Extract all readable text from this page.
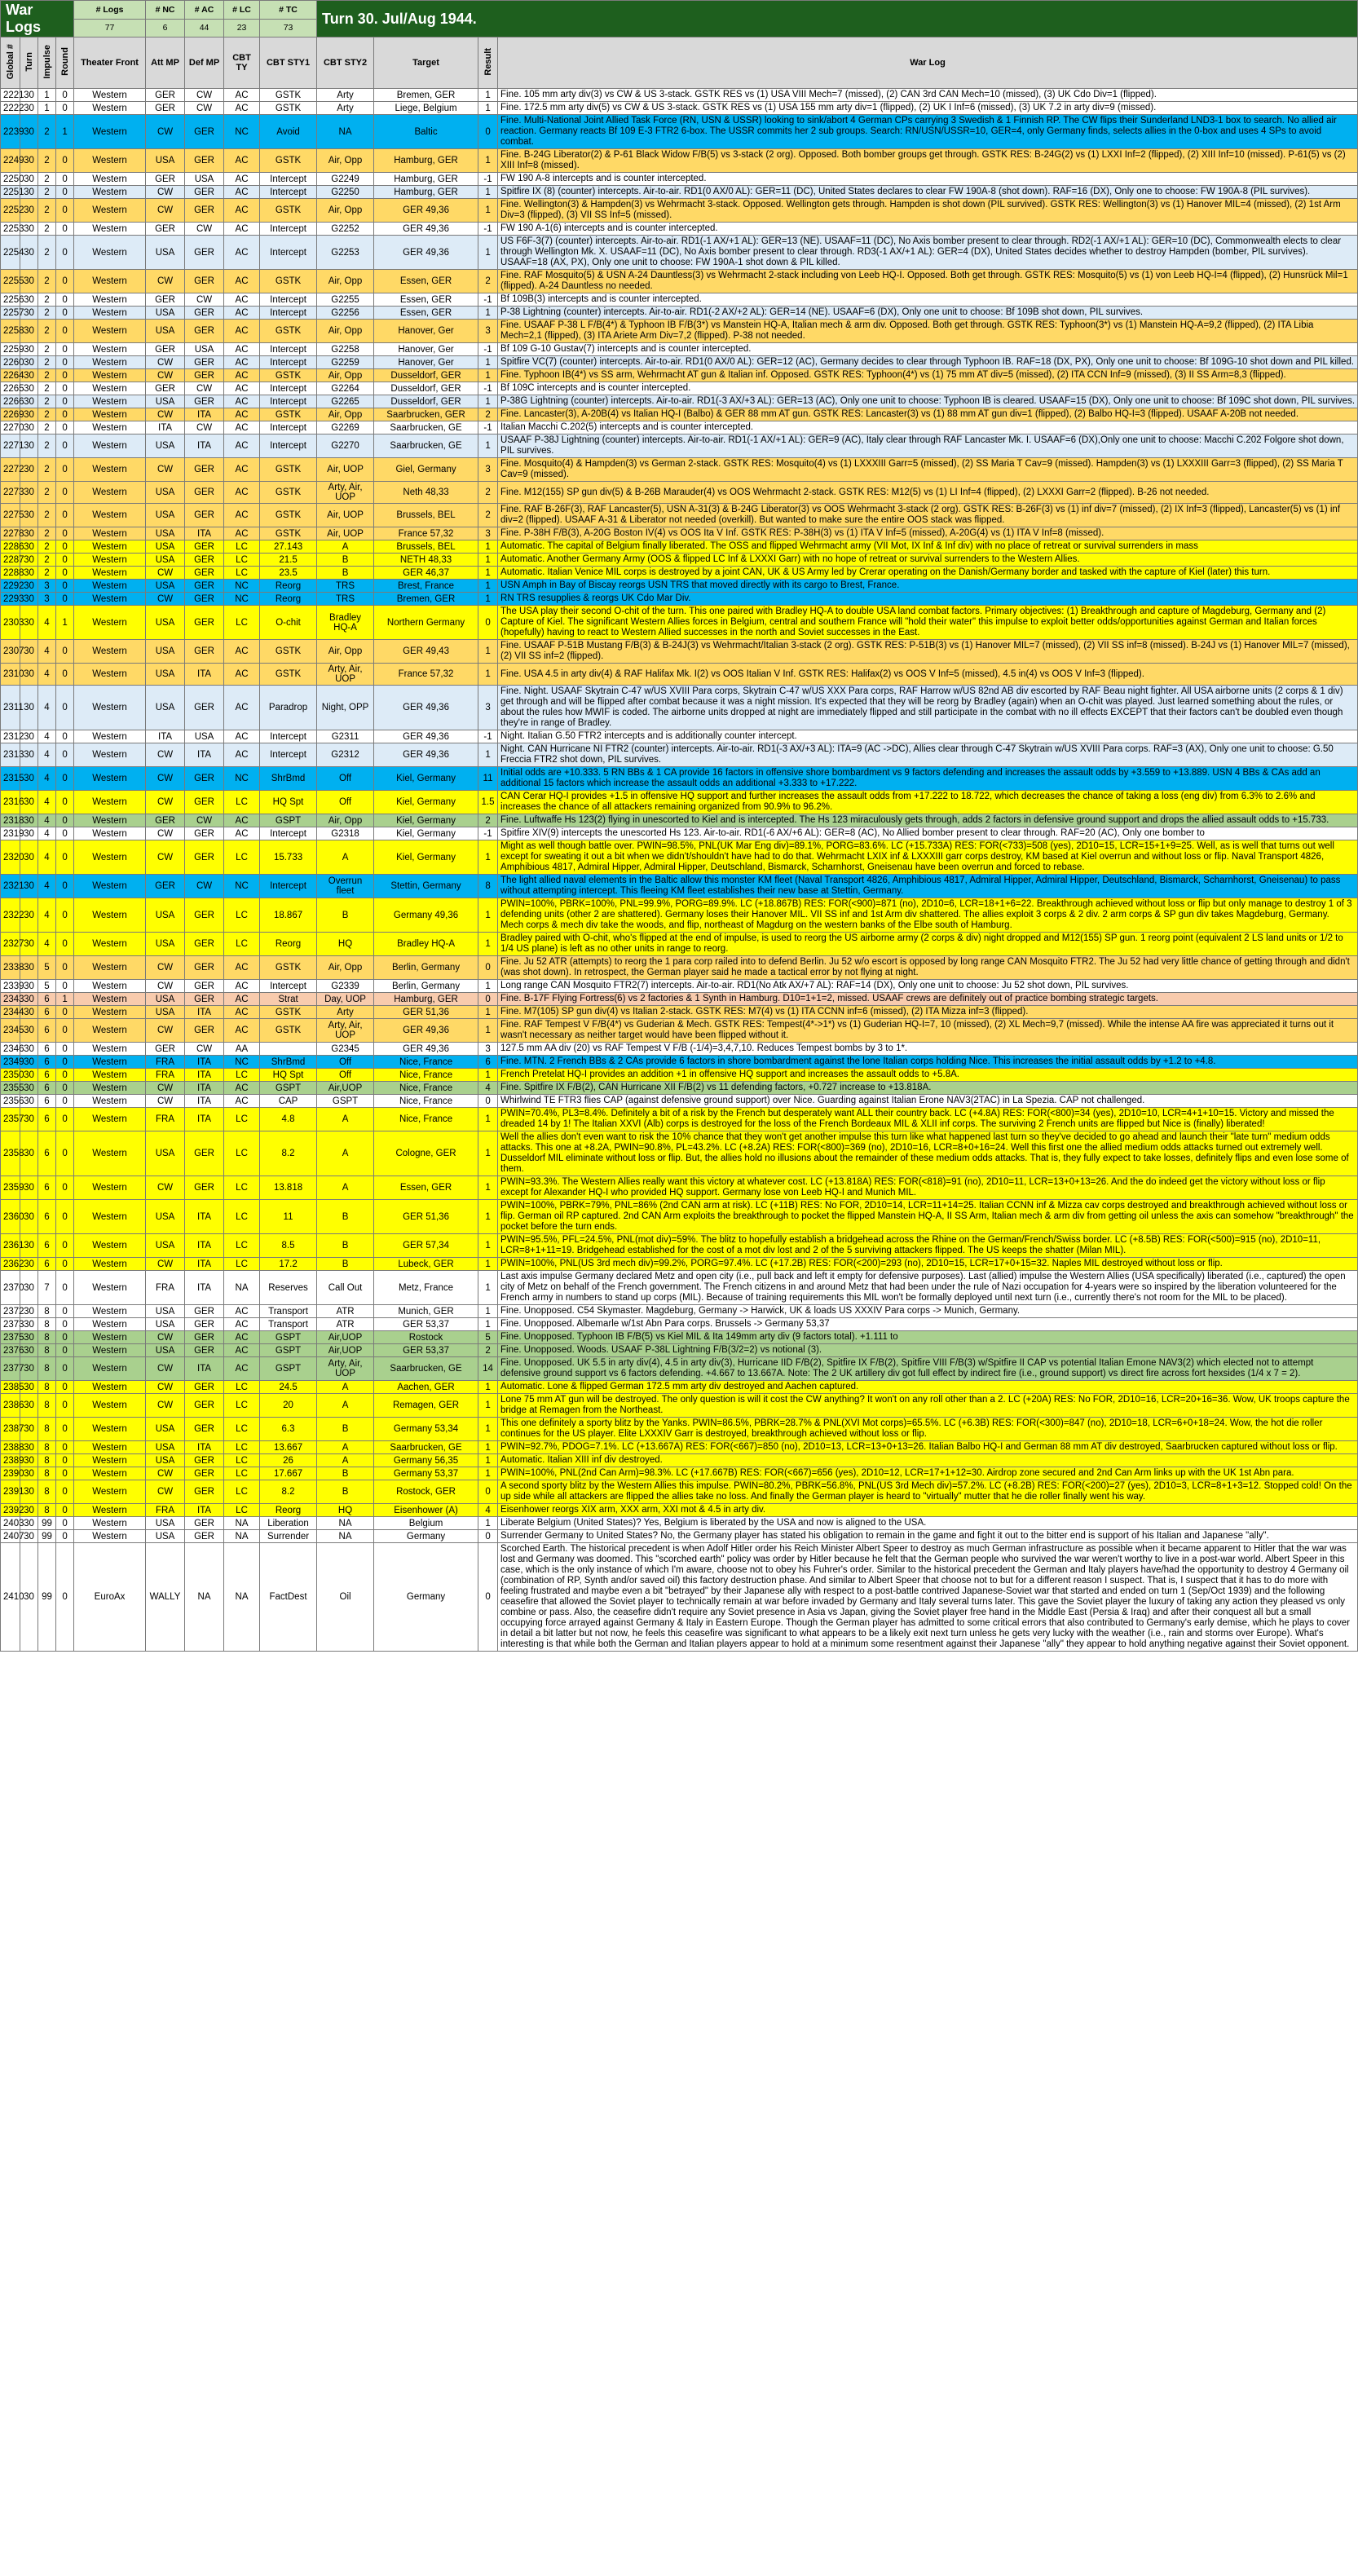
War Logs				# Logs	# NC	# AC	# LC	# TC	Turn 30. Jul/Aug 1944.			
				77	6	44	23	73				
Global #	Turn	Impulse	Round	Theater Front	Att MP	Def MP	CBT TY	CBT STY1	CBT STY2	Target	Result	War Log
2221	30	1	0	Western	GER	CW	AC	GSTK	Arty	Bremen, GER	1	Fine. 105 mm arty div(3) vs CW & US 3-stack. GSTK RES vs (1) USA VIII Mech=7 (missed), (2) CAN 3rd CAN Mech=10 (missed), (3) UK Cdo Div=1 (flipped).
2222	30	1	0	Western	GER	CW	AC	GSTK	Arty	Liege, Belgium	1	Fine. 172.5 mm arty div(5) vs CW & US 3-stack. GSTK RES vs (1) USA 155 mm arty div=1 (flipped), (2) UK I Inf=6 (missed), (3) UK 7.2 in arty div=9 (missed).
2239	30	2	1	Western	CW	GER	NC	Avoid	NA	Baltic	0	Fine. Multi-National Joint Allied Task Force (RN, USN & USSR) looking to sink/abort 4 German CPs carrying 3 Swedish & 1 Finnish RP. The CW flips their Sunderland LND3-1 box to search. No allied air reaction. Germany reacts Bf 109 E-3 FTR2 6-box. The USSR commits her 2 sub groups. Search: RN/USN/USSR=10, GER=4, only Germany finds, selects allies in the 0-box and uses 4 SPs to avoid combat.
2249	30	2	0	Western	USA	GER	AC	GSTK	Air, Opp	Hamburg, GER	1	Fine. B-24G Liberator(2) & P-61 Black Widow F/B(5) vs 3-stack (2 org). Opposed. Both bomber groups get through. GSTK RES: B-24G(2) vs (1) LXXI Inf=2 (flipped), (2) XIII Inf=10 (missed). P-61(5) vs (2) XIII Inf=8 (missed).
2250	30	2	0	Western	GER	USA	AC	Intercept	G2249	Hamburg, GER	-1	FW 190 A-8 intercepts and is counter intercepted.
2251	30	2	0	Western	CW	GER	AC	Intercept	G2250	Hamburg, GER	1	Spitfire IX (8) (counter) intercepts. Air-to-air. RD1(0 AX/0 AL): GER=11 (DC), United States declares to clear FW 190A-8 (shot down). RAF=16 (DX), Only one to choose: FW 190A-8 (PIL survives).
2252	30	2	0	Western	CW	GER	AC	GSTK	Air, Opp	GER 49,36	1	Fine. Wellington(3) & Hampden(3) vs Wehrmacht 3-stack. Opposed. Wellington gets through. Hampden is shot down (PIL survived). GSTK RES: Wellington(3) vs (1) Hanover MIL=4 (missed), (2) 1st Arm Div=3 (flipped), (3) VII SS Inf=5 (missed).
2253	30	2	0	Western	GER	CW	AC	Intercept	G2252	GER 49,36	-1	FW 190 A-1(6) intercepts and is counter intercepted.
2254	30	2	0	Western	USA	GER	AC	Intercept	G2253	GER 49,36	1	US F6F-3(7) (counter) intercepts. Air-to-air. RD1(-1 AX/+1 AL): GER=13 (NE). USAAF=11 (DC), No Axis bomber present to clear through. RD2(-1 AX/+1 AL): GER=10 (DC), Commonwealth elects to clear through Wellington Mk. X. USAAF=11 (DC), No Axis bomber present to clear through. RD3(-1 AX/+1 AL): GER=4 (DX), United States decides whether to destroy Hampden (bomber, PIL survives). USAAF=18 (AX, PX), Only one unit to choose: FW 190A-1 shot down & PIL killed.
2255	30	2	0	Western	CW	GER	AC	GSTK	Air, Opp	Essen, GER	2	Fine. RAF Mosquito(5) & USN A-24 Dauntless(3) vs Wehrmacht 2-stack including von Leeb HQ-I. Opposed. Both get through. GSTK RES: Mosquito(5) vs (1) von Leeb HQ-I=4 (flipped), (2) Hunsrück Mil=1 (flipped). A-24 Dauntless no needed.
2256	30	2	0	Western	GER	CW	AC	Intercept	G2255	Essen, GER	-1	Bf 109B(3) intercepts and is counter intercepted.
2257	30	2	0	Western	USA	GER	AC	Intercept	G2256	Essen, GER	1	P-38 Lightning (counter) intercepts. Air-to-air. RD1(-2 AX/+2 AL): GER=14 (NE). USAAF=6 (DX), Only one unit to choose: Bf 109B shot down, PIL survives.
2258	30	2	0	Western	USA	GER	AC	GSTK	Air, Opp	Hanover, Ger	3	Fine. USAAF P-38 L F/B(4*) & Typhoon IB F/B(3*) vs Manstein HQ-A, Italian mech & arm div. Opposed. Both get through. GSTK RES: Typhoon(3*) vs (1) Manstein HQ-A=9,2 (flipped), (2) ITA Libia Mech=2,1 (flipped), (3) ITA Ariete Arm Div=7,2 (flipped). P-38 not needed.
2259	30	2	0	Western	GER	USA	AC	Intercept	G2258	Hanover, Ger	-1	Bf 109 G-10 Gustav(7) intercepts and is counter intercepted.
2260	30	2	0	Western	CW	GER	AC	Intercept	G2259	Hanover, Ger	1	Spitfire VC(7) (counter) intercepts. Air-to-air. RD1(0 AX/0 AL): GER=12 (AC), Germany decides to clear through Typhoon IB. RAF=18 (DX, PX), Only one unit to choose: Bf 109G-10 shot down and PIL killed.
2264	30	2	0	Western	CW	GER	AC	GSTK	Air, Opp	Dusseldorf, GER	1	Fine. Typhoon IB(4*) vs SS arm, Wehrmacht AT gun & Italian inf. Opposed. GSTK RES: Typhoon(4*) vs (1) 75 mm AT div=5 (missed), (2) ITA CCN Inf=9 (missed), (3) II SS Arm=8,3 (flipped).
2265	30	2	0	Western	GER	CW	AC	Intercept	G2264	Dusseldorf, GER	-1	Bf 109C intercepts and is counter intercepted.
2266	30	2	0	Western	USA	GER	AC	Intercept	G2265	Dusseldorf, GER	1	P-38G Lightning (counter) intercepts. Air-to-air. RD1(-3 AX/+3 AL): GER=13 (AC), Only one unit to choose: Typhoon IB is cleared. USAAF=15 (DX), Only one unit to choose: Bf 109C shot down, PIL survives.
2269	30	2	0	Western	CW	ITA	AC	GSTK	Air, Opp	Saarbrucken, GER	2	Fine. Lancaster(3), A-20B(4) vs Italian HQ-I (Balbo) & GER 88 mm AT gun. GSTK RES: Lancaster(3) vs (1) 88 mm AT gun div=1 (flipped), (2) Balbo HQ-I=3 (flipped). USAAF A-20B not needed.
2270	30	2	0	Western	ITA	CW	AC	Intercept	G2269	Saarbrucken, GE	-1	Italian Macchi C.202(5) intercepts and is counter intercepted.
2271	30	2	0	Western	USA	ITA	AC	Intercept	G2270	Saarbrucken, GE	1	USAAF P-38J Lightning (counter) intercepts. Air-to-air. RD1(-1 AX/+1 AL): GER=9 (AC), Italy clear through RAF Lancaster Mk. I. USAAF=6 (DX),Only one unit to choose: Macchi C.202 Folgore shot down, PIL survives.
2272	30	2	0	Western	CW	GER	AC	GSTK	Air, UOP	Giel, Germany	3	Fine. Mosquito(4) & Hampden(3) vs German 2-stack. GSTK RES: Mosquito(4) vs (1) LXXXIII Garr=5 (missed), (2) SS Maria T Cav=9 (missed). Hampden(3) vs (1) LXXXIII Garr=3 (flipped), (2) SS Maria T Cav=9 (missed).
2273	30	2	0	Western	USA	GER	AC	GSTK	Arty, Air, UOP	Neth 48,33	2	Fine. M12(155) SP gun div(5) & B-26B Marauder(4) vs OOS Wehrmacht 2-stack. GSTK RES: M12(5) vs (1) LI Inf=4 (flipped), (2) LXXXI Garr=2 (flipped). B-26 not needed.
2275	30	2	0	Western	USA	GER	AC	GSTK	Air, UOP	Brussels, BEL	2	Fine. RAF B-26F(3), RAF Lancaster(5), USN A-31(3) & B-24G Liberator(3) vs OOS Wehrmacht 3-stack (2 org). GSTK RES: B-26F(3) vs (1) inf div=7 (missed), (2) IX Inf=3 (flipped), Lancaster(5) vs (1) inf div=2 (flipped). USAAF A-31 & Liberator not needed (overkill). But wanted to make sure the entire OOS stack was flipped.
2278	30	2	0	Western	USA	ITA	AC	GSTK	Air, UOP	France 57,32	3	Fine. P-38H F/B(3), A-20G Boston IV(4) vs OOS Ita V Inf. GSTK RES: P-38H(3) vs (1) ITA V Inf=5 (missed), A-20G(4) vs (1) ITA V Inf=8 (missed).
2286	30	2	0	Western	USA	GER	LC	27.143	A	Brussels, BEL	1	Automatic. The capital of Belgium finally liberated. The OSS and flipped Wehrmacht army (VII Mot, IX Inf & Inf div) with no place of retreat or survival surrenders in mass
2287	30	2	0	Western	USA	GER	LC	21.5	B	NETH 48,33	1	Automatic. Another Germany Army (OOS & flipped LC Inf & LXXXI Garr) with no hope of retreat or survival surrenders to the Western Allies.
2288	30	2	0	Western	CW	GER	LC	23.5	B	GER 46,37	1	Automatic. Italian Venice MIL corps is destroyed by a joint CAN, UK & US Army led by Crerar operating on the Danish/Germany border and tasked with the capture of Kiel (later) this turn.
2292	30	3	0	Western	USA	GER	NC	Reorg	TRS	Brest, France	1	USN Amph in Bay of Biscay reorgs USN TRS that moved directly with its cargo to Brest, France.
2293	30	3	0	Western	CW	GER	NC	Reorg	TRS	Bremen, GER	1	RN TRS resupplies & reorgs UK Cdo Mar Div.
2303	30	4	1	Western	USA	GER	LC	O-chit	Bradley HQ-A	Northern Germany	0	The USA play their second O-chit of the turn. This one paired with Bradley HQ-A to double USA land combat factors. Primary objectives: (1) Breakthrough and capture of Magdeburg, Germany and (2) Capture of Kiel. The significant Western Allies forces in Belgium, central and southern France will "hold their water" this impulse to exploit better odds/opportunities against German and Italian forces (hopefully) having to react to Western Allied successes in the north and Soviet successes in the East.
2307	30	4	0	Western	USA	GER	AC	GSTK	Air, Opp	GER 49,43	1	Fine. USAAF P-51B Mustang F/B(3) & B-24J(3) vs Wehrmacht/Italian 3-stack (2 org). GSTK RES: P-51B(3) vs (1) Hanover MIL=7 (missed), (2) VII SS inf=8 (missed). B-24J vs (1) Hanover MIL=7 (missed), (2) VII SS inf=2 (flipped).
2310	30	4	0	Western	USA	ITA	AC	GSTK	Arty, Air, UOP	France 57,32	1	Fine. USA 4.5 in arty div(4) & RAF Halifax Mk. I(2) vs OOS Italian V Inf. GSTK RES: Halifax(2) vs OOS V Inf=5 (missed), 4.5 in(4) vs OOS V Inf=3 (flipped).
2311	30	4	0	Western	USA	GER	AC	Paradrop	Night, OPP	GER 49,36	3	Fine. Night. USAAF Skytrain C-47 w/US XVIII Para corps, Skytrain C-47 w/US XXX Para corps, RAF Harrow w/US 82nd AB div escorted by RAF Beau night fighter. All USA airborne units (2 corps & 1 div) get through and will be flipped after combat because it was a night mission. It's expected that they will be reorg by Bradley (again) when an O-chit was played. Just learned something about the rules, or about the rules how MWIF is coded. The airborne units dropped at night are immediately flipped and still participate in the combat with no ill effects EXCEPT that their factors can't be doubled even though they're in range of Bradley.
2312	30	4	0	Western	ITA	USA	AC	Intercept	G2311	GER 49,36	-1	Night. Italian G.50 FTR2 intercepts and is additionally counter intercept.
2313	30	4	0	Western	CW	ITA	AC	Intercept	G2312	GER 49,36	1	Night. CAN Hurricane NI FTR2 (counter) intercepts. Air-to-air. RD1(-3 AX/+3 AL): ITA=9 (AC ->DC), Allies clear through C-47 Skytrain w/US XVIII Para corps. RAF=3 (AX), Only one unit to choose: G.50 Freccia FTR2 shot down, PIL survives.
2315	30	4	0	Western	CW	GER	NC	ShrBmd	Off	Kiel, Germany	11	Initial odds are +10.333. 5 RN BBs & 1 CA provide 16 factors in offensive shore bombardment vs 9 factors defending and increases the assault odds by +3.559 to +13.889. USN 4 BBs & CAs add an additional 15 factors which increase the assault odds an additional +3.333 to +17.222.
2316	30	4	0	Western	CW	GER	LC	HQ Spt	Off	Kiel, Germany	1.5	CAN Cerar HQ-I provides +1.5 in offensive HQ support and further increases the assault odds from +17.222 to 18.722, which decreases the chance of taking a loss (eng div) from 6.3% to 2.6% and increases the chance of all attackers remaining organized from 90.9% to 96.2%.
2318	30	4	0	Western	GER	CW	AC	GSPT	Air, Opp	Kiel, Germany	2	Fine. Luftwaffe Hs 123(2) flying in unescorted to Kiel and is intercepted. The Hs 123 miraculously gets through, adds 2 factors in defensive ground support and drops the allied assault odds to +15.733.
2319	30	4	0	Western	CW	GER	AC	Intercept	G2318	Kiel, Germany	-1	Spitfire XIV(9) intercepts the unescorted Hs 123. Air-to-air. RD1(-6 AX/+6 AL): GER=8 (AC), No Allied bomber present to clear through. RAF=20 (AC), Only one bomber to
2320	30	4	0	Western	CW	GER	LC	15.733	A	Kiel, Germany	1	Might as well though battle over. PWIN=98.5%, PNL(UK Mar Eng div)=89.1%, PORG=83.6%. LC (+15.733A) RES: FOR(<733)=508 (yes), 2D10=15, LCR=15+1+9=25. Well, as is well that turns out well except for sweating it out a bit when we didn't/shouldn't have had to do that. Wehrmacht LXIX inf & LXXXIII garr corps destroy, KM based at Kiel overrun and without loss or flip. Naval Transport 4826, Amphibious 4817, Admiral Hipper, Admiral Hipper, Deutschland, Bismarck, Scharnhorst, Gneisenau have been overrun and forced to rebase.
2321	30	4	0	Western	GER	CW	NC	Intercept	Overrun fleet	Stettin, Germany	8	The light allied naval elements in the Baltic allow this monster KM fleet (Naval Transport 4826, Amphibious 4817, Admiral Hipper, Admiral Hipper, Deutschland, Bismarck, Scharnhorst, Gneisenau) to pass without attempting intercept. This fleeing KM fleet establishes their new base at Stettin, Germany.
2322	30	4	0	Western	USA	GER	LC	18.867	B	Germany 49,36	1	PWIN=100%, PBRK=100%, PNL=99.9%, PORG=89.9%. LC (+18.867B) RES: FOR(<900)=871 (no), 2D10=6, LCR=18+1+6=22. Breakthrough achieved without loss or flip but only manage to destroy 1 of 3 defending units (other 2 are shattered). Germany loses their Hanover MIL. VII SS inf and 1st Arm div shattered. The allies exploit 3 corps & 2 div. 2 arm corps & SP gun div takes Magdeburg, Germany. Mech corps & mech div take the woods, and flip, northeast of Magdurg on the western banks of the Elbe south of Hamburg.
2327	30	4	0	Western	USA	GER	LC	Reorg	HQ	Bradley HQ-A	1	Bradley paired with O-chit, who's flipped at the end of impulse, is used to reorg the US airborne army (2 corps & div) night dropped and M12(155) SP gun. 1 reorg point (equivalent 2 LS land units or 1/2 to 1/4 US plane) is left as no other units in range to reorg.
2338	30	5	0	Western	CW	GER	AC	GSTK	Air, Opp	Berlin, Germany	0	Fine. Ju 52 ATR (attempts) to reorg the 1 para corp railed into to defend Berlin. Ju 52 w/o escort is opposed by long range CAN Mosquito FTR2. The Ju 52 had very little chance of getting through and didn't (was shot down). In retrospect, the German player said he made a tactical error by not flying at night.
2339	30	5	0	Western	CW	GER	AC	Intercept	G2339	Berlin, Germany	1	Long range CAN Mosquito FTR2(7) intercepts. Air-to-air. RD1(No Atk AX/+7 AL): RAF=14 (DX), Only one unit to choose: Ju 52 shot down, PIL survives.
2343	30	6	1	Western	USA	GER	AC	Strat	Day, UOP	Hamburg, GER	0	Fine. B-17F Flying Fortress(6) vs 2 factories & 1 Synth in Hamburg. D10=1+1=2, missed. USAAF crews are definitely out of practice bombing strategic targets.
2344	30	6	0	Western	USA	ITA	AC	GSTK	Arty	GER 51,36	1	Fine. M7(105) SP gun div(4) vs Italian 2-stack. GSTK RES: M7(4) vs (1) ITA CCNN inf=6 (missed), (2) ITA Mizza inf=3 (flipped).
2345	30	6	0	Western	CW	GER	AC	GSTK	Arty, Air, UOP	GER 49,36	1	Fine. RAF Tempest V F/B(4*) vs Guderian & Mech. GSTK RES: Tempest(4*->1*) vs (1) Guderian HQ-I=7, 10 (missed), (2) XL Mech=9,7 (missed). While the intense AA fire was appreciated it turns out it wasn't necessary as neither target would have been flipped without it.
2346	30	6	0	Western	GER	CW	AA		G2345	GER 49,36	3	127.5 mm AA div (20) vs RAF Tempest V F/B (-1/4)=3,4,7,10. Reduces Tempest bombs by 3 to 1*.
2349	30	6	0	Western	FRA	ITA	NC	ShrBmd	Off	Nice, France	6	Fine. MTN. 2 French BBs & 2 CAs provide 6 factors in shore bombardment against the lone Italian corps holding Nice. This increases the initial assault odds by +1.2 to +4.8.
2350	30	6	0	Western	FRA	ITA	LC	HQ Spt	Off	Nice, France	1	French Pretelat HQ-I provides an addition +1 in offensive HQ support and increases the assault odds to +5.8A.
2355	30	6	0	Western	CW	ITA	AC	GSPT	Air,UOP	Nice, France	4	Fine. Spitfire IX F/B(2), CAN Hurricane XII F/B(2) vs 11 defending factors, +0.727 increase to +13.818A.
2356	30	6	0	Western	CW	ITA	AC	CAP	GSPT	Nice, France	0	Whirlwind TE FTR3 flies CAP (against defensive ground support) over Nice. Guarding against Italian Erone NAV3(2TAC) in La Spezia. CAP not challenged.
2357	30	6	0	Western	FRA	ITA	LC	4.8	A	Nice, France	1	PWIN=70.4%, PL3=8.4%. Definitely a bit of a risk by the French but desperately want ALL their country back. LC (+4.8A) RES: FOR(<800)=34 (yes), 2D10=10, LCR=4+1+10=15. Victory and missed the dreaded 14 by 1! The Italian XXVI (Alb) corps is destroyed for the loss of the French Bordeaux MIL & XLII inf corps. The surviving 2 French units are flipped but Nice is (finally) liberated!
2358	30	6	0	Western	USA	GER	LC	8.2	A	Cologne, GER	1	Well the allies don't even want to risk the 10% chance that they won't get another impulse this turn like what happened last turn so they've decided to go ahead and launch their "late turn" medium odds attacks. This one at +8.2A, PWIN=90.8%, PL=43.2%. LC (+8.2A) RES: FOR(<800)=369 (no), 2D10=16, LCR=8+0+16=24. Well this first one the allied medium odds attacks turned out extremely well. Dusseldorf MIL eliminate without loss or flip. But, the allies hold no illusions about the remainder of these medium odds attacks. That is, they fully expect to take losses, definitely flips and even lose some of them.
2359	30	6	0	Western	CW	GER	LC	13.818	A	Essen, GER	1	PWIN=93.3%. The Western Allies really want this victory at whatever cost. LC (+13.818A) RES: FOR(<818)=91 (no), 2D10=11, LCR=13+0+13=26. And the do indeed get the victory without loss or flip except for Alexander HQ-I who provided HQ support. Germany lose von Leeb HQ-I and Munich MIL.
2360	30	6	0	Western	USA	ITA	LC	11	B	GER 51,36	1	PWIN=100%, PBRK=79%, PNL=86% (2nd CAN arm at risk). LC (+11B) RES: No FOR, 2D10=14, LCR=11+14=25. Italian CCNN inf & Mizza cav corps destroyed and breakthrough achieved without loss or flip. German oil RP captured. 2nd CAN Arm exploits the breakthrough to pocket the flipped Manstein HQ-A, II SS Arm, Italian mech & arm div from getting oil unless the axis can somehow "breakthrough" the pocket before the turn ends.
2361	30	6	0	Western	USA	ITA	LC	8.5	B	GER 57,34	1	PWIN=95.5%, PFL=24.5%, PNL(mot div)=59%. The blitz to hopefully establish a bridgehead across the Rhine on the German/French/Swiss border. LC (+8.5B) RES: FOR(<500)=915 (no), 2D10=11, LCR=8+1+11=19. Bridgehead established for the cost of a mot div lost and 2 of the 5 surviving attackers flipped. The US keeps the shatter (Milan MIL).
2362	30	6	0	Western	CW	ITA	LC	17.2	B	Lubeck, GER	1	PWIN=100%, PNL(US 3rd mech div)=99.2%, PORG=97.4%. LC (+17.2B) RES: FOR(<200)=293 (no), 2D10=15, LCR=17+0+15=32. Naples MIL destroyed without loss or flip.
2370	30	7	0	Western	FRA	ITA	NA	Reserves	Call Out	Metz, France	1	Last axis impulse Germany declared Metz and open city (i.e., pull back and left it empty for defensive purposes). Last (allied) impulse the Western Allies (USA specifically) liberated (i.e., captured) the open city of Metz on behalf of the French government. The French citizens in and around Metz that had been under the rule of Nazi occupation for 4-years were so inspired by the liberation volunteered for the French army in numbers to stand up corps (MIL). Because of training requirements this MIL won't be formally deployed until next turn (i.e., currently there's not room for the MIL to be placed).
2372	30	8	0	Western	USA	GER	AC	Transport	ATR	Munich, GER	1	Fine. Unopposed. C54 Skymaster. Magdeburg, Germany -> Harwick, UK & loads US XXXIV Para corps -> Munich, Germany.
2373	30	8	0	Western	USA	GER	AC	Transport	ATR	GER 53,37	1	Fine. Unopposed. Albemarle w/1st Abn Para corps. Brussels -> Germany 53,37
2375	30	8	0	Western	CW	GER	AC	GSPT	Air,UOP	Rostock	5	Fine. Unopposed. Typhoon IB F/B(5) vs Kiel MIL & Ita 149mm arty div (9 factors total). +1.111 to
2376	30	8	0	Western	USA	GER	AC	GSPT	Air,UOP	GER 53,37	2	Fine. Unopposed. Woods. USAAF P-38L Lightning F/B(3/2=2) vs notional (3).
2377	30	8	0	Western	CW	ITA	AC	GSPT	Arty, Air, UOP	Saarbrucken, GE	14	Fine. Unopposed. UK 5.5 in arty div(4), 4.5 in arty div(3), Hurricane IID F/B(2), Spitfire IX F/B(2), Spitfire VIII F/B(3) w/Spitfire II CAP vs potential Italian Emone NAV3(2) which elected not to attempt defensive ground support vs 6 factors defending. +4.667 to 13.667A. Note: The 2 UK artillery div got full effect by indirect fire (i.e., ground support) vs direct fire across fort hexsides (1/4 x 7 = 2).
2385	30	8	0	Western	CW	GER	LC	24.5	A	Aachen, GER	1	Automatic. Lone & flipped German 172.5 mm arty div destroyed and Aachen captured.
2386	30	8	0	Western	CW	GER	LC	20	A	Remagen, GER	1	Lone 75 mm AT gun will be destroyed. The only question is will it cost the CW anything? It won't on any roll other than a 2. LC (+20A) RES: No FOR, 2D10=16, LCR=20+16=36. Wow, UK troops capture the bridge at Remagen from the Northeast.
2387	30	8	0	Western	USA	GER	LC	6.3	B	Germany 53,34	1	This one definitely a sporty blitz by the Yanks. PWIN=86.5%, PBRK=28.7% & PNL(XVI Mot corps)=65.5%. LC (+6.3B) RES: FOR(<300)=847 (no), 2D10=18, LCR=6+0+18=24. Wow, the hot die roller continues for the US player. Elite LXXXIV Garr is destroyed, breakthrough achieved without loss or flip.
2388	30	8	0	Western	USA	ITA	LC	13.667	A	Saarbrucken, GE	1	PWIN=92.7%, PDOG=7.1%. LC (+13.667A) RES: FOR(<667)=850 (no), 2D10=13, LCR=13+0+13=26. Italian Balbo HQ-I and German 88 mm AT div destroyed, Saarbrucken captured without loss or flip.
2389	30	8	0	Western	USA	GER	LC	26	A	Germany 56,35	1	Automatic. Italian XIII inf div destroyed.
2390	30	8	0	Western	CW	GER	LC	17.667	B	Germany 53,37	1	PWIN=100%, PNL(2nd Can Arm)=98.3%. LC (+17.667B) RES: FOR(<667)=656 (yes), 2D10=12, LCR=17+1+12=30. Airdrop zone secured and 2nd Can Arm links up with the UK 1st Abn para.
2391	30	8	0	Western	CW	GER	LC	8.2	B	Rostock, GER	0	A second sporty blitz by the Western Allies this impulse. PWIN=80.2%, PBRK=56.8%, PNL(US 3rd Mech div)=57.2%. LC (+8.2B) RES: FOR(<200)=27 (yes), 2D10=3, LCR=8+1+3=12. Stopped cold! On the up side while all attackers are flipped the allies take no loss. And finally the German player is heard to "virtually" mutter that he die roller finally went his way.
2392	30	8	0	Western	FRA	ITA	LC	Reorg	HQ	Eisenhower (A)	4	Eisenhower reorgs XIX arm, XXX arm, XXI mot & 4.5 in arty div.
2403	30	99	0	Western	USA	GER	NA	Liberation	NA	Belgium	1	Liberate Belgium (United States)? Yes, Belgium is liberated by the USA and now is aligned to the USA.
2407	30	99	0	Western	USA	GER	NA	Surrender	NA	Germany	0	Surrender Germany to United States? No, the Germany player has stated his obligation to remain in the game and fight it out to the bitter end is support of his Italian and Japanese "ally".
2410	30	99	0	EuroAx	WALLY	NA	NA	FactDest	Oil	Germany	0	Scorched Earth. The historical precedent is when Adolf Hitler order his Reich Minister Albert Speer to destroy as much German infrastructure as possible when it became apparent to Hitler that the war was lost and Germany was doomed. This "scorched earth" policy was order by Hitler because he felt that the German people who survived the war weren't worthy to live in a post-war world. Albert Speer in this case, which is the only instance of which I'm aware, choose not to obey his Fuhrer's order. Similar to the historical precedent the German and Italy players have/had the opportunity to destroy 4 Germany oil (combination of RP, Synth and/or saved oil) this factory destruction phase. And similar to Albert Speer that choose not to but for a different reason I suspect. That is, I suspect that it has to do more with feeling frustrated and maybe even a bit "betrayed" by their Japanese ally with respect to a post-battle contrived Japanese-Soviet war that started and ended on turn 1 (Sep/Oct 1939) and the following ceasefire that allowed the Soviet player to technically remain at war before invaded by Germany and Italy several turns later. This gave the Soviet player the luxury of taking any action they pleased vs only combine or pass. Also, the ceasefire didn't require any Soviet presence in Asia vs Japan, giving the Soviet player free hand in the Middle East (Persia & Iraq) and after their conquest all but a small occupying force arrayed against Germany & Italy in Eastern Europe. Though the German player has admitted to some critical errors that also contributed to Germany's early demise, which he plays to cover in detail a bit latter but not now, he feels this ceasefire was significant to what appears to be a likely exit next turn unless he gets very lucky with the weather (i.e., rain and storms over Europe). What's interesting is that while both the German and Italian players appear to hold at a minimum some resentment against their Japanese "ally" they appear to hold anything negative against their Soviet opponent.
